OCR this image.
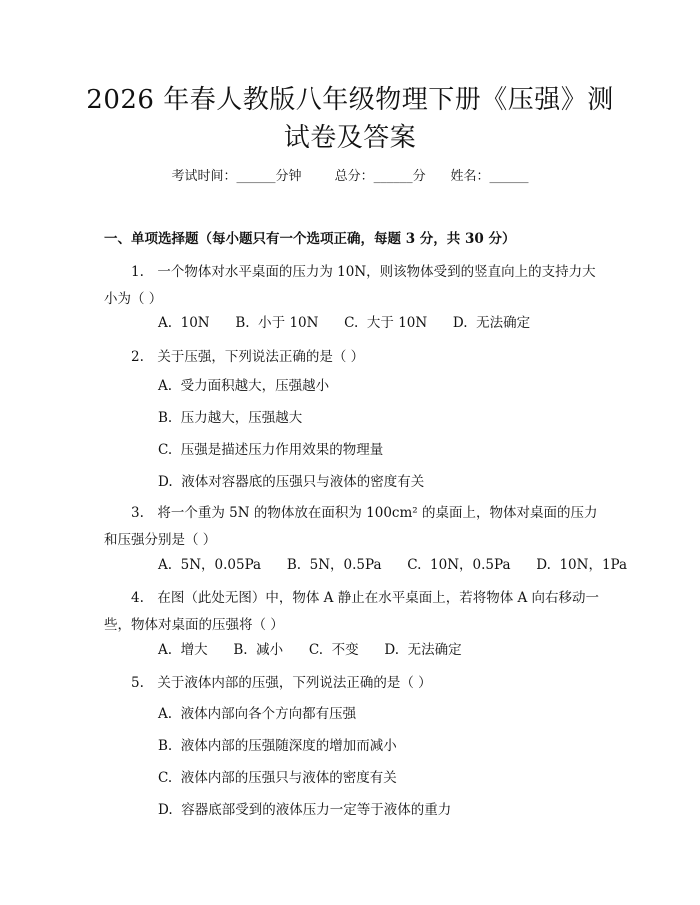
2026 年春人教版八年级物理下册《压强》测
试卷及答案
考试时间：______分钟	总分：______分 姓名：______
一、单项选择题（每小题只有一个选项正确，每题 3 分，共 30 分）
1.　一个物体对水平桌面的压力为 10N，则该物体受到的竖直向上的支持力大小为（ ）
A.  10N      B.  小于 10N      C.  大于 10N      D.  无法确定
2.　关于压强，下列说法正确的是（ ）
A.  受力面积越大，压强越小
B.  压力越大，压强越大
C.  压强是描述压力作用效果的物理量
D.  液体对容器底的压强只与液体的密度有关
3.　将一个重为 5N 的物体放在面积为 100cm² 的桌面上，物体对桌面的压力和压强分别是（ ）
A.  5N，0.05Pa      B.  5N，0.5Pa      C.  10N，0.5Pa      D.  10N，1Pa
4.　在图（此处无图）中，物体 A 静止在水平桌面上，若将物体 A 向右移动一些，物体对桌面的压强将（ ）
A.  增大      B.  减小      C.  不变      D.  无法确定
5.　关于液体内部的压强，下列说法正确的是（ ）
A.  液体内部向各个方向都有压强
B.  液体内部的压强随深度的增加而减小
C.  液体内部的压强只与液体的密度有关
D.  容器底部受到的液体压力一定等于液体的重力
